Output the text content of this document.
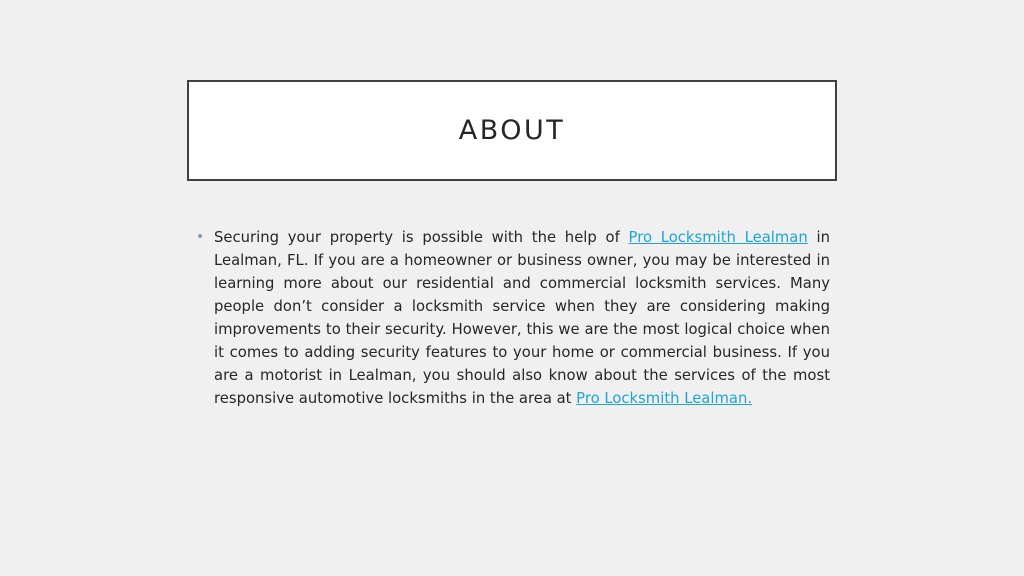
ABOUT
• Securing your property is possible with the help of Pro Locksmith Lealman in Lealman, FL. If you are a homeowner or business owner, you may be interested in learning more about our residential and commercial locksmith services. Many people don’t consider a locksmith service when they are considering making improvements to their security. However, this we are the most logical choice when it comes to adding security features to your home or commercial business. If you are a motorist in Lealman, you should also know about the services of the most responsive automotive locksmiths in the area at Pro Locksmith Lealman.
